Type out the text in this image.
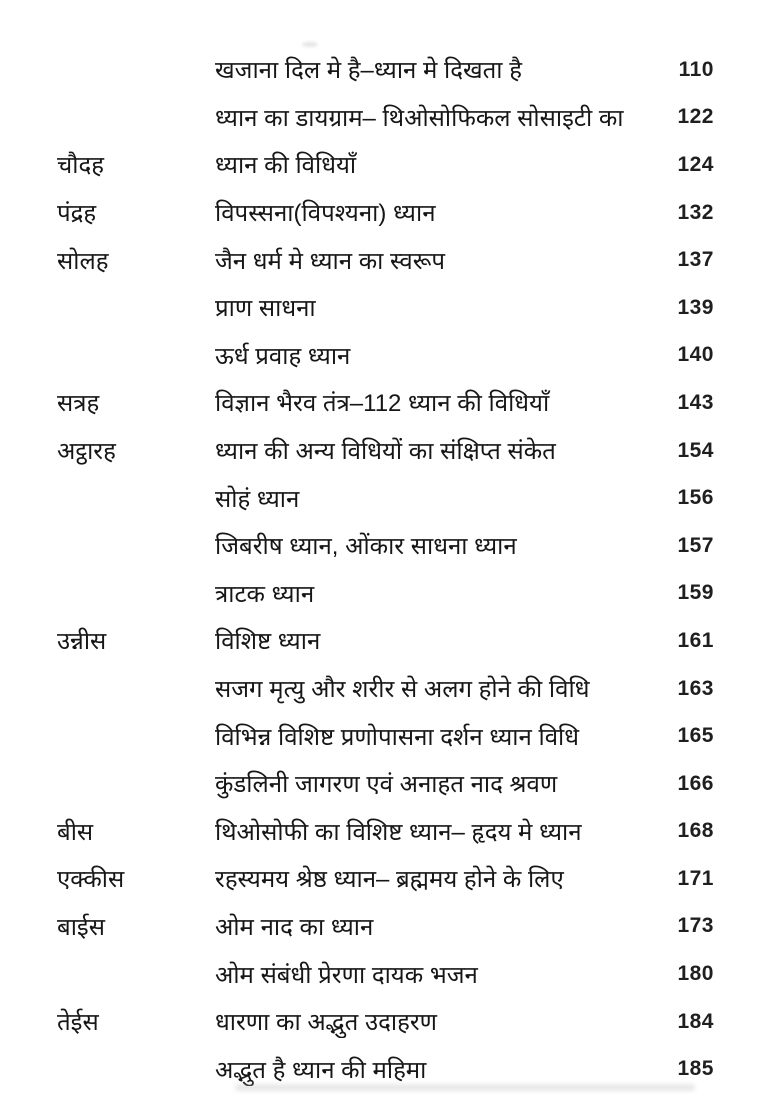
खजाना दिल मे है–ध्यान मे दिखता है	110
ध्यान का डायग्राम– थिओसोफिकल सोसाइटी का	122
चौदह	ध्यान की विधियाँ	124
पंद्रह	विपस्सना(विपश्यना) ध्यान	132
सोलह	जैन धर्म मे ध्यान का स्वरूप	137
प्राण साधना	139
ऊर्ध प्रवाह ध्यान	140
सत्रह	विज्ञान भैरव तंत्र–112 ध्यान की विधियाँ	143
अट्ठारह	ध्यान की अन्य विधियों का संक्षिप्त संकेत	154
सोहं ध्यान	156
जिबरीष ध्यान, ओंकार साधना ध्यान	157
त्राटक ध्यान	159
उन्नीस	विशिष्ट ध्यान	161
सजग मृत्यु और शरीर से अलग होने की विधि	163
विभिन्न विशिष्ट प्रणोपासना दर्शन ध्यान विधि	165
कुंडलिनी जागरण एवं अनाहत नाद श्रवण	166
बीस	थिओसोफी का विशिष्ट ध्यान– हृदय मे ध्यान	168
एक्कीस	रहस्यमय श्रेष्ठ ध्यान– ब्रह्ममय होने के लिए	171
बाईस	ओम नाद का ध्यान	173
ओम संबंधी प्रेरणा दायक भजन	180
तेईस	धारणा का अद्भुत उदाहरण	184
अद्भुत है ध्यान की महिमा	185
